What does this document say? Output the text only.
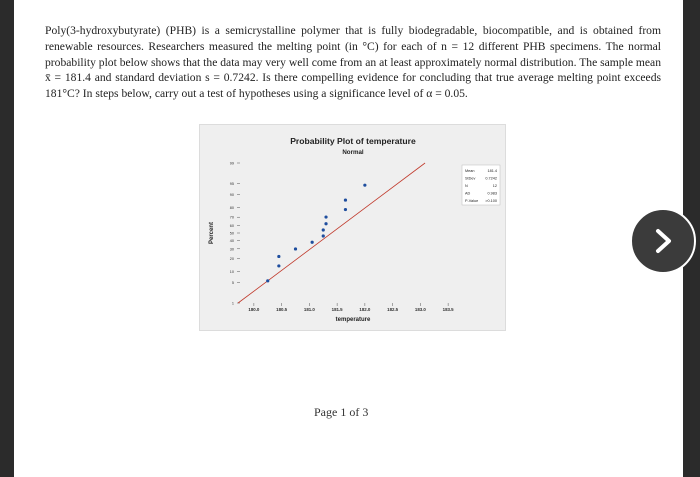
Poly(3-hydroxybutyrate) (PHB) is a semicrystalline polymer that is fully biodegradable, biocompatible, and is obtained from renewable resources. Researchers measured the melting point (in °C) for each of n = 12 different PHB specimens. The normal probability plot below shows that the data may very well come from an at least approximately normal distribution. The sample mean x̄ = 181.4 and standard deviation s = 0.7242. Is there compelling evidence for concluding that true average melting point exceeds 181°C? In steps below, carry out a test of hypotheses using a significance level of α = 0.05.
Probability Plot of temperature
Normal
1
5
10
20
30
40
50
60
70
80
90
95
99
180.0	180.5	181.0	181.5	182.0	182.5	183.0	183.5
temperature
Percent
Mean	181.4
StDev	0.7242
N	12
AD	0.983
P-Value >0.100
Page 1 of 3
